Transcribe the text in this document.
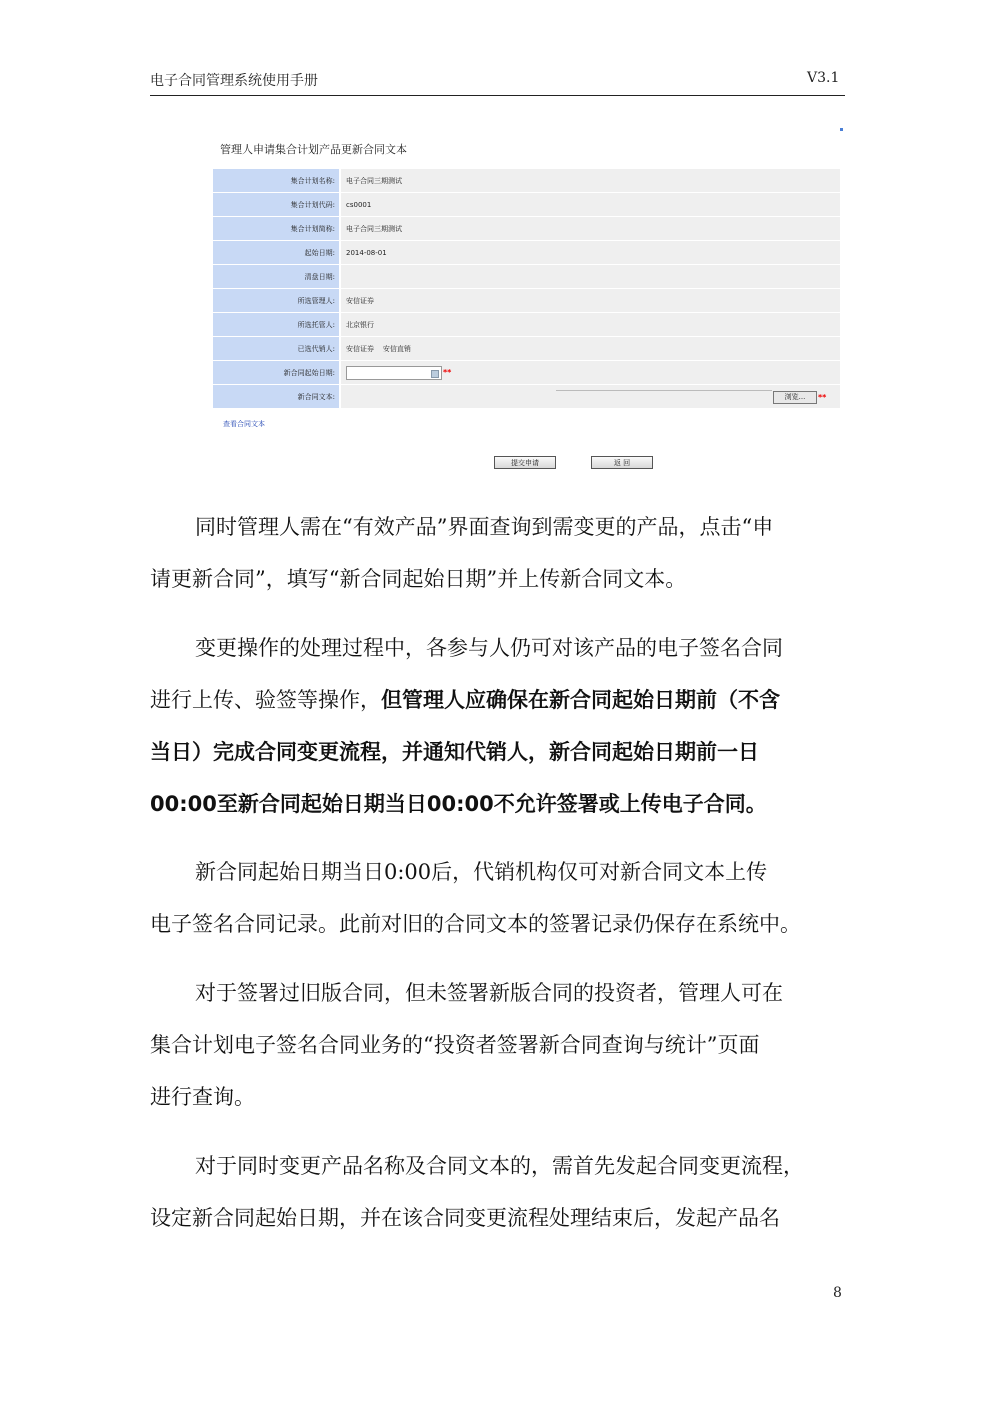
电子合同管理系统使用手册	V3.1
管理人申请集合计划产品更新合同文本
集合计划名称:	电子合同三期测试
集合计划代码:	cs0001
集合计划简称:	电子合同三期测试
起始日期:	2014-08-01
清盘日期:
所选管理人:	安信证券
所选托管人:	北京银行
已选代销人:	安信证券    安信直销
新合同起始日期:	**
新合同文本:	浏览...	**
查看合同文本
提交申请	返 回

同时管理人需在“有效产品”界面查询到需变更的产品，点击“申

请更新合同”，填写“新合同起始日期”并上传新合同文本。

变更操作的处理过程中，各参与人仍可对该产品的电子签名合同

进行上传、验签等操作，但管理人应确保在新合同起始日期前（不含

当日）完成合同变更流程，并通知代销人，新合同起始日期前一日

00:00至新合同起始日期当日00:00不允许签署或上传电子合同。

新合同起始日期当日0:00后，代销机构仅可对新合同文本上传

电子签名合同记录。此前对旧的合同文本的签署记录仍保存在系统中。

对于签署过旧版合同，但未签署新版合同的投资者，管理人可在

集合计划电子签名合同业务的“投资者签署新合同查询与统计”页面

进行查询。

对于同时变更产品名称及合同文本的，需首先发起合同变更流程，

设定新合同起始日期，并在该合同变更流程处理结束后，发起产品名

8
